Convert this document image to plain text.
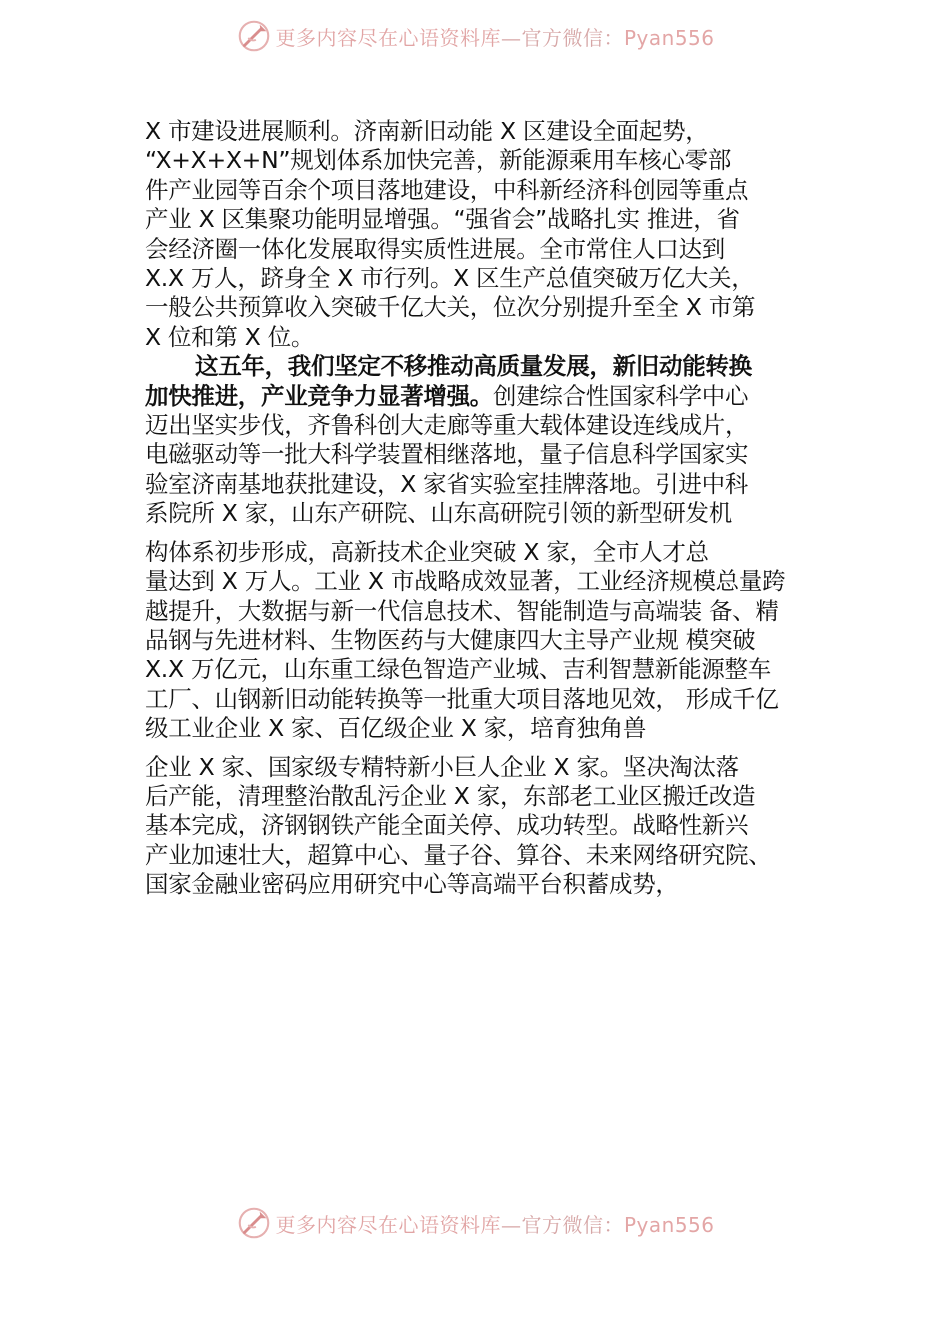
更多内容尽在心语资料库—官方微信：Pyan556
X 市建设进展顺利。济南新旧动能 X 区建设全面起势，
“X+X+X+N”规划体系加快完善，新能源乘用车核心零部
件产业园等百余个项目落地建设，中科新经济科创园等重点
产业 X 区集聚功能明显增强。“强省会”战略扎实 推进，省
会经济圈一体化发展取得实质性进展。全市常住人口达到
X.X 万人，跻身全 X 市行列。X 区生产总值突破万亿大关，
一般公共预算收入突破千亿大关，位次分别提升至全 X 市第
X 位和第 X 位。
这五年，我们坚定不移推动高质量发展，新旧动能转换
加快推进，产业竞争力显著增强。创建综合性国家科学中心
迈出坚实步伐，齐鲁科创大走廊等重大载体建设连线成片，
电磁驱动等一批大科学装置相继落地，量子信息科学国家实
验室济南基地获批建设，X 家省实验室挂牌落地。引进中科
系院所 X 家，山东产研院、山东高研院引领的新型研发机
构体系初步形成，高新技术企业突破 X 家，全市人才总
量达到 X 万人。工业 X 市战略成效显著，工业经济规模总量跨
越提升，大数据与新一代信息技术、智能制造与高端装 备、精
品钢与先进材料、生物医药与大健康四大主导产业规 模突破
X.X 万亿元，山东重工绿色智造产业城、吉利智慧新能源整车
工厂、山钢新旧动能转换等一批重大项目落地见效， 形成千亿
级工业企业 X 家、百亿级企业 X 家，培育独角兽
企业 X 家、国家级专精特新小巨人企业 X 家。坚决淘汰落
后产能，清理整治散乱污企业 X 家，东部老工业区搬迁改造
基本完成，济钢钢铁产能全面关停、成功转型。战略性新兴
产业加速壮大，超算中心、量子谷、算谷、未来网络研究院、
国家金融业密码应用研究中心等高端平台积蓄成势，
更多内容尽在心语资料库—官方微信：Pyan556
